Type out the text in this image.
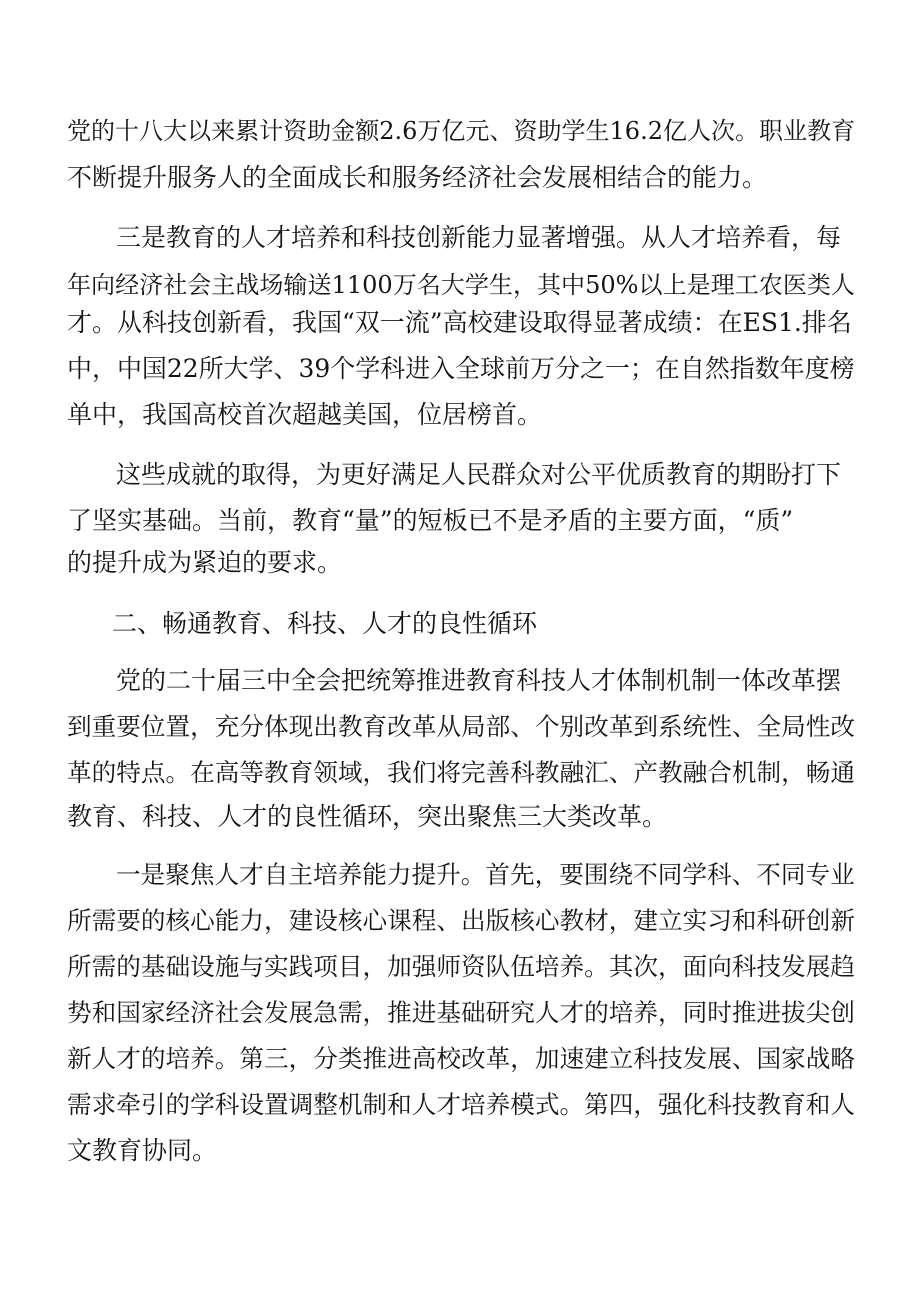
党的十八大以来累计资助金额2.6万亿元、资助学生16.2亿人次。职业教育
不断提升服务人的全面成长和服务经济社会发展相结合的能力。
三是教育的人才培养和科技创新能力显著增强。从人才培养看，每
年向经济社会主战场输送1100万名大学生，其中50%以上是理工农医类人
才。从科技创新看，我国“双一流”高校建设取得显著成绩：在ES1.排名
中，中国22所大学、39个学科进入全球前万分之一；在自然指数年度榜
单中，我国高校首次超越美国，位居榜首。
这些成就的取得，为更好满足人民群众对公平优质教育的期盼打下
了坚实基础。当前，教育“量”的短板已不是矛盾的主要方面，“质”
的提升成为紧迫的要求。
二、畅通教育、科技、人才的良性循环
党的二十届三中全会把统筹推进教育科技人才体制机制一体改革摆
到重要位置，充分体现出教育改革从局部、个别改革到系统性、全局性改
革的特点。在高等教育领域，我们将完善科教融汇、产教融合机制，畅通
教育、科技、人才的良性循环，突出聚焦三大类改革。
一是聚焦人才自主培养能力提升。首先，要围绕不同学科、不同专业
所需要的核心能力，建设核心课程、出版核心教材，建立实习和科研创新
所需的基础设施与实践项目，加强师资队伍培养。其次，面向科技发展趋
势和国家经济社会发展急需，推进基础研究人才的培养，同时推进拔尖创
新人才的培养。第三，分类推进高校改革，加速建立科技发展、国家战略
需求牵引的学科设置调整机制和人才培养模式。第四，强化科技教育和人
文教育协同。
